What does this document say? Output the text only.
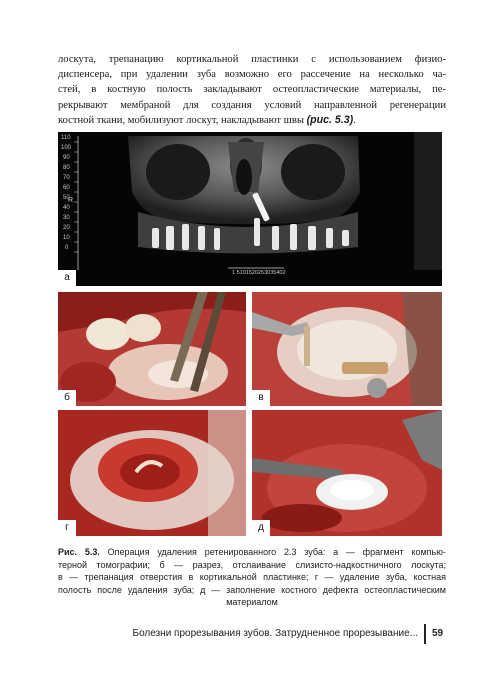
лоскута, трепанацию кортикальной пластинки с использованием физио-
диспенсера, при удалении зуба возможно его рассечение на несколько ча-
стей, в костную полость закладывают остеопластические материалы, пе-
рекрывают мембраной для создания условий направленной регенерации
костной ткани, мобилизуют лоскут, накладывают швы (рис. 5.3).
110
100
90
80
70
60
50
40
30
20
10
0
R
1 5101520253035402
а
б	в
г	д
Рис. 5.3. Операция удаления ретенированного 2.3 зуба: а — фрагмент компью-
терной томографии; б — разрез, отслаивание слизисто-надкостничного лоскута;
в — трепанация отверстия в кортикальной пластинке; г — удаление зуба, костная
полость после удаления зуба; д — заполнение костного дефекта остеопластическим
материалом
Болезни прорезывания зубов. Затрудненное прорезывание... 59
